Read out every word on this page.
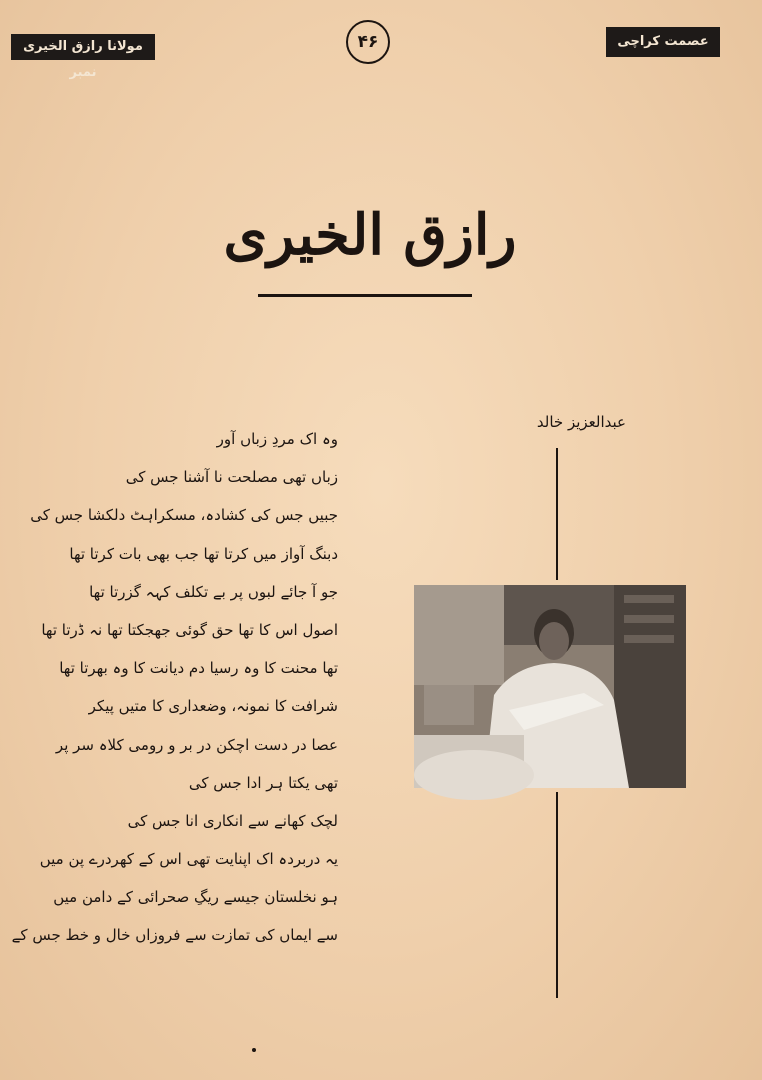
مولانا رازق الخیری نمبر
۴۶	عصمت کراچی
رازق الخیری
عبدالعزیز خالد
وہ اک مردِ زباں آور
زباں تھی مصلحت نا آشنا جس کی
جبیں جس کی کشادہ، مسکراہٹ دلکشا جس کی
دبنگ آواز میں کرتا تھا جب بھی بات کرتا تھا
جو آ جائے لبوں پر بے تکلف کہہ گزرتا تھا
اصول اس کا تھا حق گوئی جھجکتا تھا نہ ڈرتا تھا
تھا محنت کا وہ رسیا دم دیانت کا وہ بھرتا تھا
شرافت کا نمونہ، وضعداری کا متیں پیکر
عصا در دست اچکن در بر و رومی کلاہ سر پر
تھی یکتا ہر ادا جس کی
لچک کھانے سے انکاری انا جس کی
یہ دربردہ اک اپنایت تھی اس کے کھردرے پن میں
ہو نخلستان جیسے ریگِ صحرائی کے دامن میں
سے ایماں کی تمازت سے فروزاں خال و خط جس کے
